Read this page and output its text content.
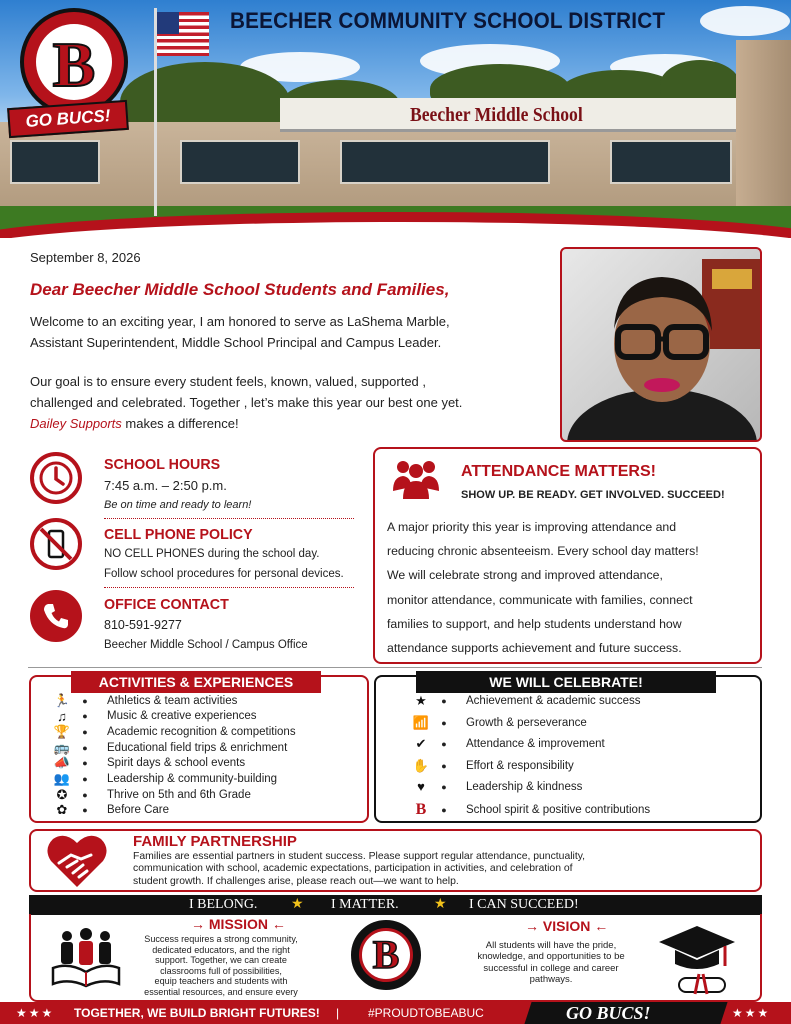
Beecher Middle School
BEECHER COMMUNITY SCHOOL DISTRICT
B
GO BUCS!
September 8, 2026
Dear Beecher Middle School Students and Families,
Welcome to an exciting year, I am honored to serve as LaShema Marble,
Assistant Superintendent, Middle School Principal and Campus Leader.
Our goal is to ensure every student feels, known, valued, supported ,
challenged and celebrated. Together , let’s make this year our best one yet.
Dailey Supports makes a difference!
SCHOOL HOURS
7:45 a.m. – 2:50 p.m.
Be on time and ready to learn!
CELL PHONE POLICY
NO CELL PHONES during the school day.
Follow school procedures for personal devices.
OFFICE CONTACT
810-591-9277
Beecher Middle School / Campus Office
ATTENDANCE MATTERS!
SHOW UP. BE READY. GET INVOLVED. SUCCEED!
A major priority this year is improving attendance and
reducing chronic absenteeism. Every school day matters!
We will celebrate strong and improved attendance,
monitor attendance, communicate with families, connect
families to support, and help students understand how
attendance supports achievement and future success.
ACTIVITIES & EXPERIENCES
🏃	●	Athletics & team activities
♫	●	Music & creative experiences
🏆	●	Academic recognition & competitions
🚌	●	Educational field trips & enrichment
📣	●	Spirit days & school events
👥	●	Leadership & community-building
✪	●	Thrive on 5th and 6th Grade
✿	●	Before Care
WE WILL CELEBRATE!
★	●	Achievement & academic success
📶	●	Growth & perseverance
✔	●	Attendance & improvement
✋	●	Effort & responsibility
♥	●	Leadership & kindness
B	●	School spirit & positive contributions
FAMILY PARTNERSHIP
Families are essential partners in student success. Please support regular attendance, punctuality,
communication with school, academic expectations, participation in activities, and celebration of
student growth. If challenges arise, please reach out—we want to help.
I BELONG. ★ I MATTER.	★ I CAN SUCCEED!
→ MISSION ←
Success requires a strong community,
dedicated educators, and the right
support. Together, we can create
classrooms full of possibilities,
equip teachers and students with
essential resources, and ensure every
B
→ VISION ←
All students will have the pride,
knowledge, and opportunities to be
successful in college and career
pathways.
★★★ TOGETHER, WE BUILD BRIGHT FUTURES! | #PROUDTOBEABUC	GO BUCS!	★★★
